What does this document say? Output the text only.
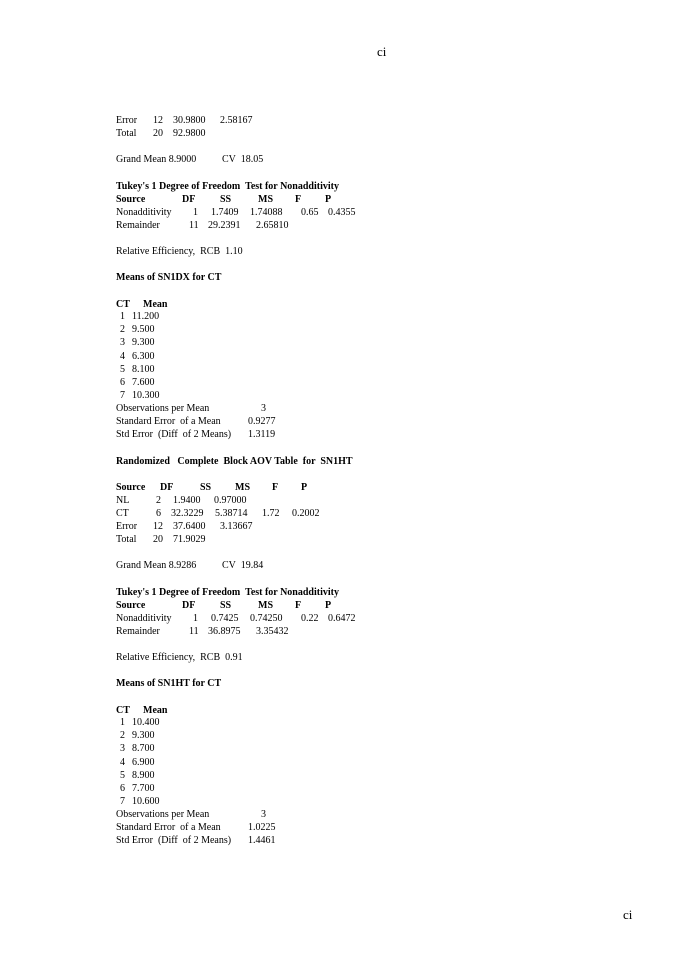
ci
Error 12 30.9800 2.58167
Total 20 92.9800
Grand Mean 8.9000	CV  18.05
Tukey's 1 Degree of Freedom  Test for Nonadditivity
Source	DF SS	MS F P
Nonadditivity 1 1.7409 1.74088 0.65 0.4355
Remainder	11 29.2391 2.65810
Relative Efficiency,  RCB  1.10
Means of SN1DX for CT
CT Mean
1 11.200
2 9.500
3 9.300
4 6.300
5 8.100
6 7.600
7 10.300
Observations per Mean	3
Standard Error  of a Mean	0.9277
Std Error  (Diff  of 2 Means) 1.3119
Randomized   Complete  Block AOV Table  for  SN1HT
Source DF	SS MS F P
NL	2 1.9400 0.97000
CT	6 32.3229 5.38714 1.72 0.2002
Error 12 37.6400 3.13667
Total 20 71.9029
Grand Mean 8.9286	CV  19.84
Tukey's 1 Degree of Freedom  Test for Nonadditivity
Source	DF SS	MS F P
Nonadditivity 1 0.7425 0.74250 0.22 0.6472
Remainder	11 36.8975 3.35432
Relative Efficiency,  RCB  0.91
Means of SN1HT for CT
CT Mean
1 10.400
2 9.300
3 8.700
4 6.900
5 8.900
6 7.700
7 10.600
Observations per Mean	3
Standard Error  of a Mean	1.0225
Std Error  (Diff  of 2 Means) 1.4461
ci
